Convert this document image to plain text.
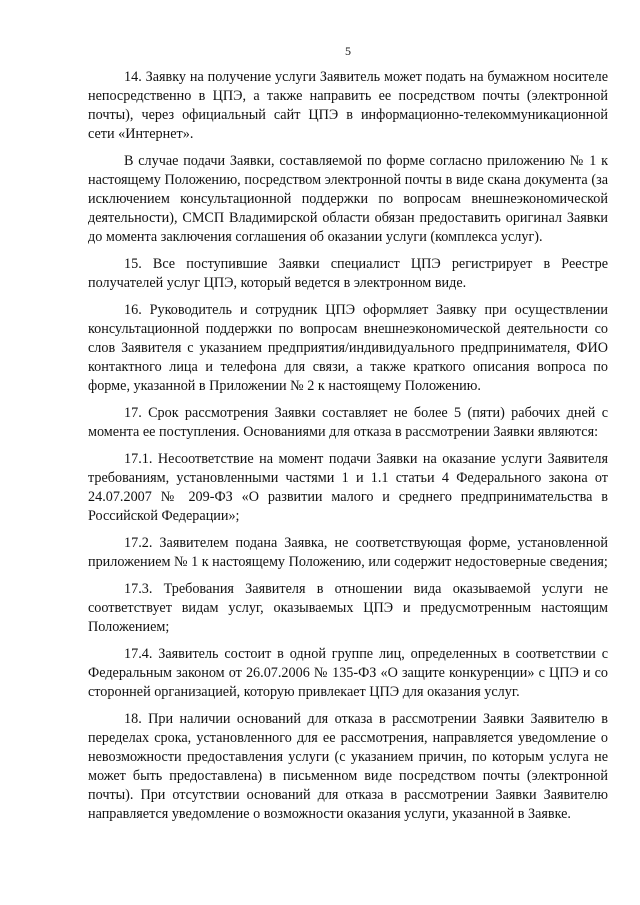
5

14. Заявку на получение услуги Заявитель может подать на бумажном носителе непосредственно в ЦПЭ, а также направить ее посредством почты (электронной почты), через официальный сайт ЦПЭ в информационно-телекоммуникационной сети «Интернет».

В случае подачи Заявки, составляемой по форме согласно приложению № 1 к настоящему Положению, посредством электронной почты в виде скана документа (за исключением консультационной поддержки по вопросам внешнеэкономической деятельности), СМСП Владимирской области обязан предоставить оригинал Заявки до момента заключения соглашения об оказании услуги (комплекса услуг).

15. Все поступившие Заявки специалист ЦПЭ регистрирует в Реестре получателей услуг ЦПЭ, который ведется в электронном виде.

16. Руководитель и сотрудник ЦПЭ оформляет Заявку при осуществлении консультационной поддержки по вопросам внешнеэкономической деятельности со слов Заявителя с указанием предприятия/индивидуального предпринимателя, ФИО контактного лица и телефона для связи, а также краткого описания вопроса по форме, указанной в Приложении № 2 к настоящему Положению.

17. Срок рассмотрения Заявки составляет не более 5 (пяти) рабочих дней с момента ее поступления. Основаниями для отказа в рассмотрении Заявки являются:

17.1. Несоответствие на момент подачи Заявки на оказание услуги Заявителя требованиям, установленными частями 1 и 1.1 статьи 4 Федерального закона от 24.07.2007 № 209-ФЗ «О развитии малого и среднего предпринимательства в Российской Федерации»;

17.2. Заявителем подана Заявка, не соответствующая форме, установленной приложением № 1 к настоящему Положению, или содержит недостоверные сведения;

17.3. Требования Заявителя в отношении вида оказываемой услуги не соответствует видам услуг, оказываемых ЦПЭ и предусмотренным настоящим Положением;

17.4. Заявитель состоит в одной группе лиц, определенных в соответствии с Федеральным законом от 26.07.2006 № 135-ФЗ «О защите конкуренции» с ЦПЭ и со сторонней организацией, которую привлекает ЦПЭ для оказания услуг.

18. При наличии оснований для отказа в рассмотрении Заявки Заявителю в переделах срока, установленного для ее рассмотрения, направляется уведомление о невозможности предоставления услуги (с указанием причин, по которым услуга не может быть предоставлена) в письменном виде посредством почты (электронной почты). При отсутствии оснований для отказа в рассмотрении Заявки Заявителю направляется уведомление о возможности оказания услуги, указанной в Заявке.
